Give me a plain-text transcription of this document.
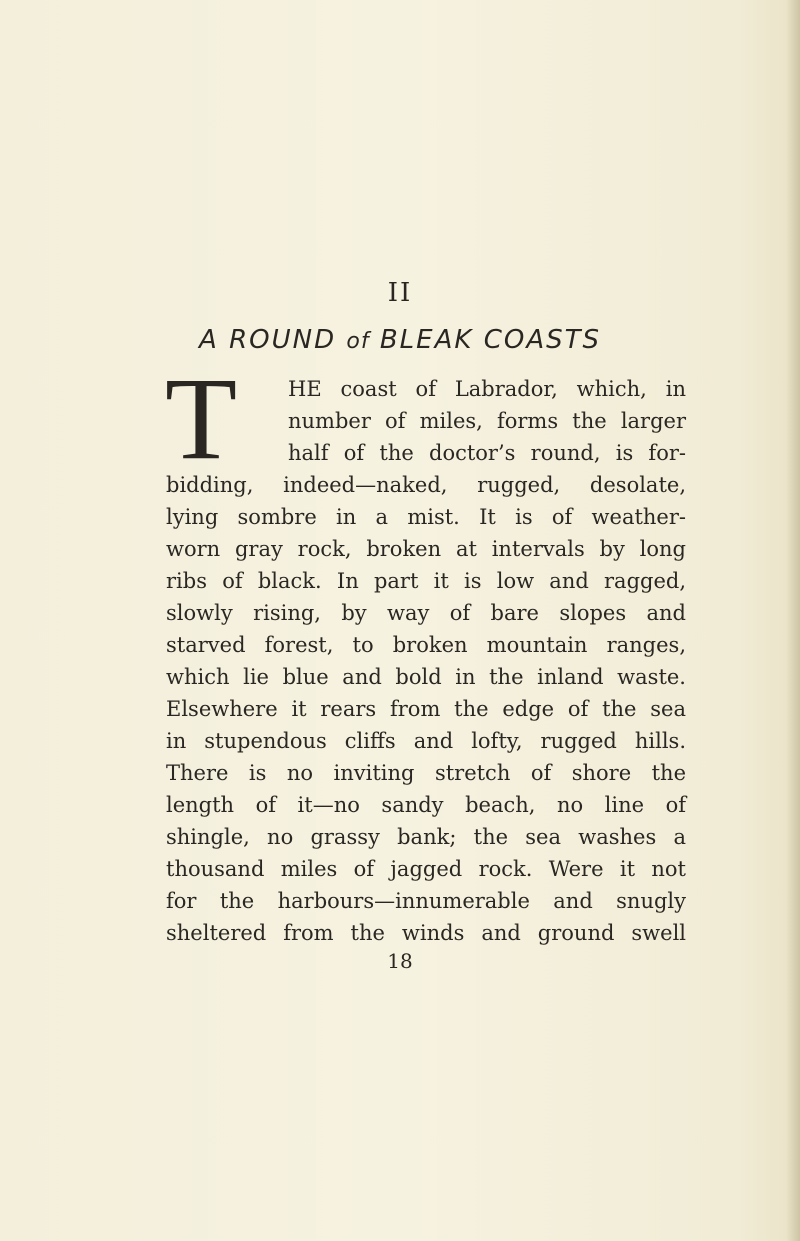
II
A ROUND of BLEAK COASTS
T	HE coast of Labrador, which, in
number of miles, forms the larger
half of the doctor’s round, is for-
bidding, indeed—naked, rugged, desolate,
lying sombre in a mist. It is of weather-
worn gray rock, broken at intervals by long
ribs of black. In part it is low and ragged,
slowly rising, by way of bare slopes and
starved forest, to broken mountain ranges,
which lie blue and bold in the inland waste.
Elsewhere it rears from the edge of the sea
in stupendous cliffs and lofty, rugged hills.
There is no inviting stretch of shore the
length of it—no sandy beach, no line of
shingle, no grassy bank; the sea washes a
thousand miles of jagged rock. Were it not
for the harbours—innumerable and snugly
sheltered from the winds and ground swell
18
